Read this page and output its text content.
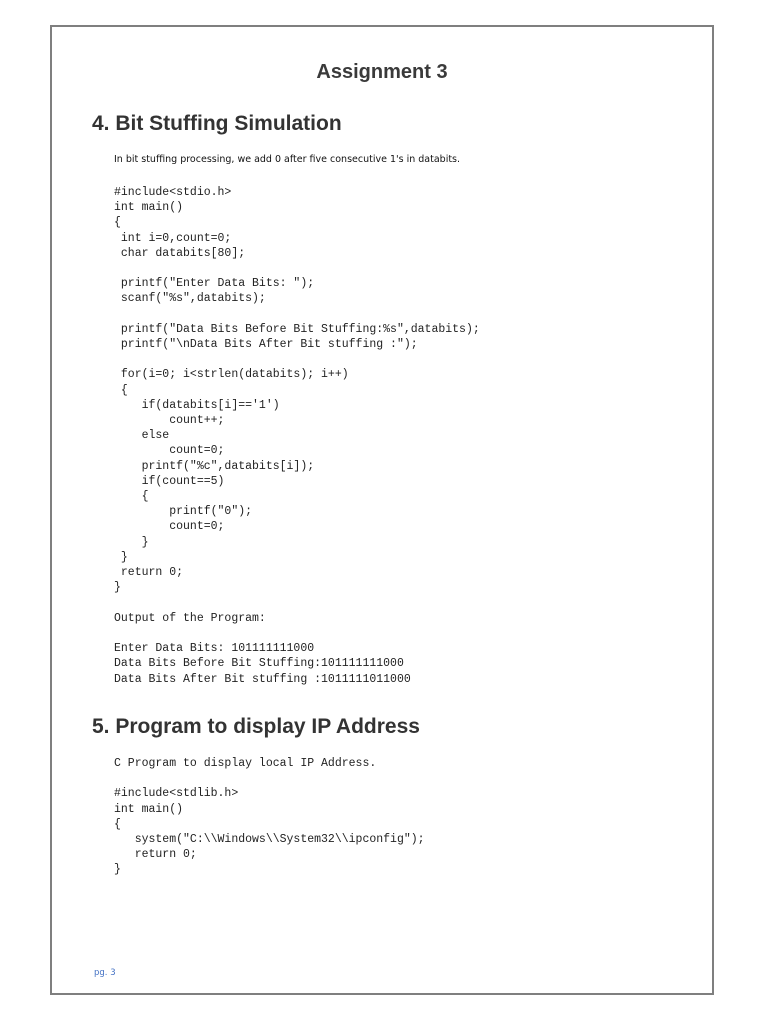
Assignment 3
4. Bit Stuffing Simulation

In bit stuffing processing, we add 0 after five consecutive 1's in databits.

#include<stdio.h>
int main()
{
int i=0,count=0;
char databits[80];

printf("Enter Data Bits: ");
scanf("%s",databits);

printf("Data Bits Before Bit Stuffing:%s",databits);
printf("\nData Bits After Bit stuffing :");

for(i=0; i<strlen(databits); i++)
{
if(databits[i]=='1')
count++;
else
count=0;
printf("%c",databits[i]);
if(count==5)
{
printf("0");
count=0;
}
}
return 0;
}

Output of the Program:

Enter Data Bits: 101111111000
Data Bits Before Bit Stuffing:101111111000
Data Bits After Bit stuffing :1011111011000
5. Program to display IP Address
C Program to display local IP Address.

#include<stdlib.h>
int main()
{
system("C:\\Windows\\System32\\ipconfig");
return 0;
}

pg. 3
